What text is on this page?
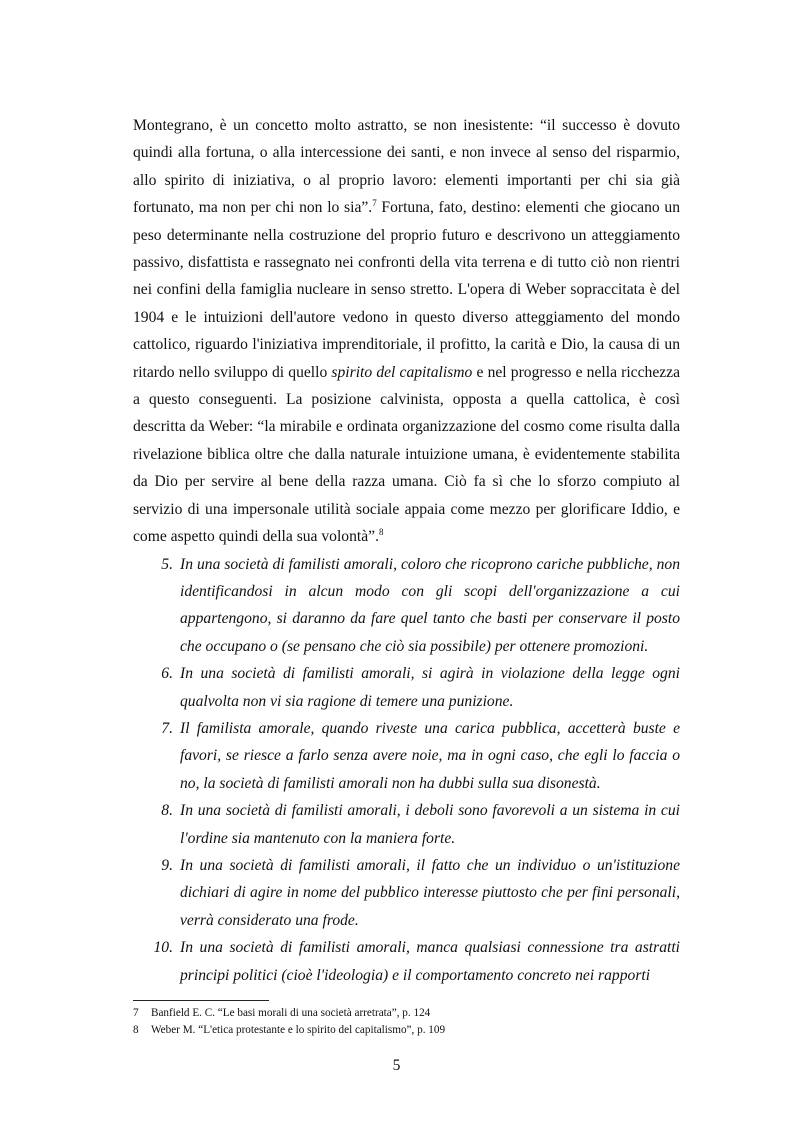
Montegrano, è un concetto molto astratto, se non inesistente: “il successo è dovuto quindi alla fortuna, o alla intercessione dei santi, e non invece al senso del risparmio, allo spirito di iniziativa, o al proprio lavoro: elementi importanti per chi sia già fortunato, ma non per chi non lo sia”.$^7$ Fortuna, fato, destino: elementi che giocano un peso determinante nella costruzione del proprio futuro e descrivono un atteggiamento passivo, disfattista e rassegnato nei confronti della vita terrena e di tutto ciò non rientri nei confini della famiglia nucleare in senso stretto. L'opera di Weber sopraccitata è del 1904 e le intuizioni dell'autore vedono in questo diverso atteggiamento del mondo cattolico, riguardo l'iniziativa imprenditoriale, il profitto, la carità e Dio, la causa di un ritardo nello sviluppo di quello spirito del capitalismo e nel progresso e nella ricchezza a questo conseguenti. La posizione calvinista, opposta a quella cattolica, è così descritta da Weber: “la mirabile e ordinata organizzazione del cosmo come risulta dalla rivelazione biblica oltre che dalla naturale intuizione umana, è evidentemente stabilita da Dio per servire al bene della razza umana. Ciò fa sì che lo sforzo compiuto al servizio di una impersonale utilità sociale appaia come mezzo per glorificare Iddio, e come aspetto quindi della sua volontà”.$^8$

5. In una società di familisti amorali, coloro che ricoprono cariche pubbliche, non identificandosi in alcun modo con gli scopi dell'organizzazione a cui appartengono, si daranno da fare quel tanto che basti per conservare il posto che occupano o (se pensano che ciò sia possibile) per ottenere promozioni.
6. In una società di familisti amorali, si agirà in violazione della legge ogni qualvolta non vi sia ragione di temere una punizione.
7. Il familista amorale, quando riveste una carica pubblica, accetterà buste e favori, se riesce a farlo senza avere noie, ma in ogni caso, che egli lo faccia o no, la società di familisti amorali non ha dubbi sulla sua disonestà.
8. In una società di familisti amorali, i deboli sono favorevoli a un sistema in cui l'ordine sia mantenuto con la maniera forte.
9. In una società di familisti amorali, il fatto che un individuo o un'istituzione dichiari di agire in nome del pubblico interesse piuttosto che per fini personali, verrà considerato una frode.
10. In una società di familisti amorali, manca qualsiasi connessione tra astratti principi politici (cioè l'ideologia) e il comportamento concreto nei rapporti
7	Banfield E. C. “Le basi morali di una società arretrata”, p. 124
8	Weber M. “L'etica protestante e lo spirito del capitalismo”, p. 109
5
